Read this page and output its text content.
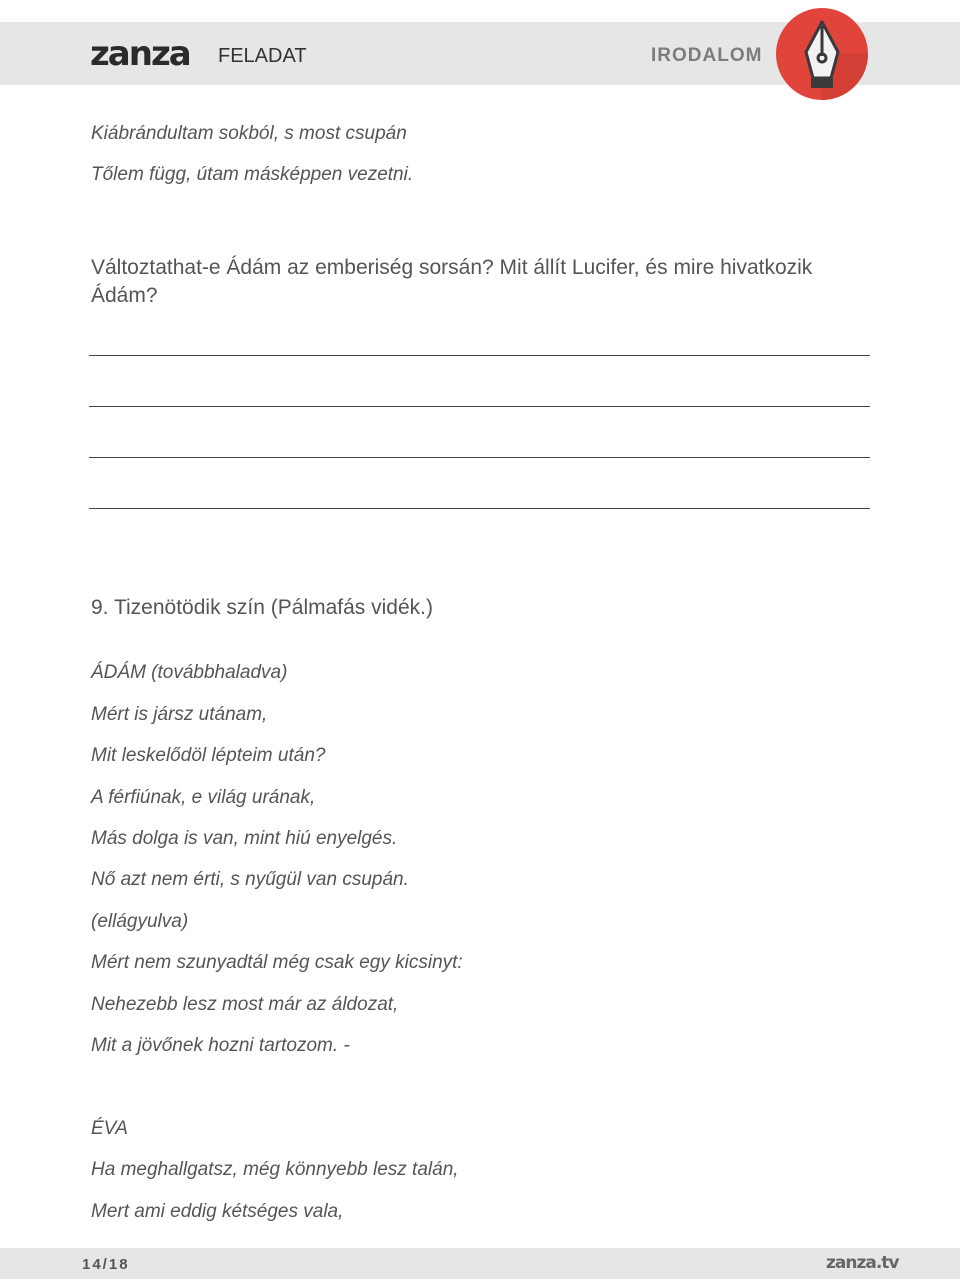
zanza FELADAT	IRODALOM
Kiábrándultam sokból, s most csupán
Tőlem függ, útam másképpen vezetni.
Változtathat-e Ádám az emberiség sorsán? Mit állít Lucifer, és mire hivatkozik Ádám?
9. Tizenötödik szín (Pálmafás vidék.)
ÁDÁM (továbbhaladva)
Mért is jársz utánam,
Mit leskelődöl lépteim után?
A férfiúnak, e világ urának,
Más dolga is van, mint hiú enyelgés.
Nő azt nem érti, s nyűgül van csupán.
(ellágyulva)
Mért nem szunyadtál még csak egy kicsinyt:
Nehezebb lesz most már az áldozat,
Mit a jövőnek hozni tartozom. -
ÉVA
Ha meghallgatsz, még könnyebb lesz talán,
Mert ami eddig kétséges vala,
14/18	zanza.tv
